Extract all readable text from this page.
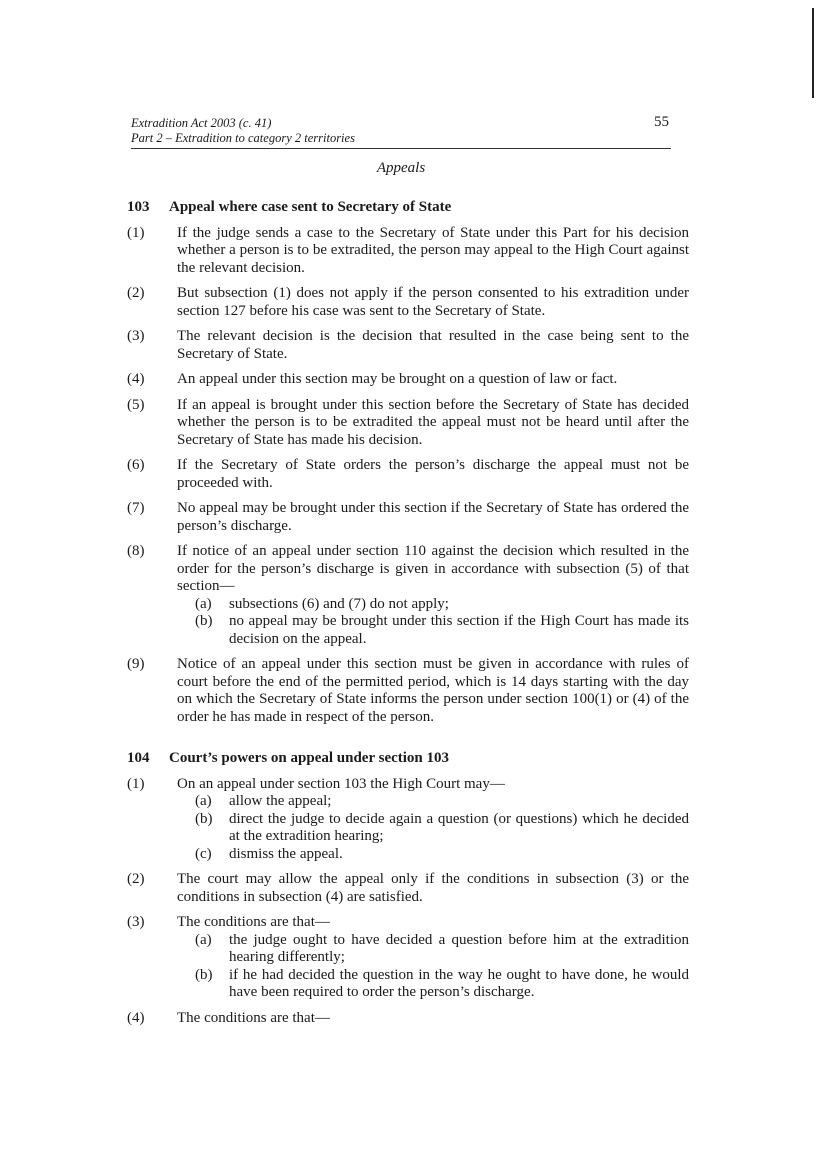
Extradition Act 2003 (c. 41)
Part 2 – Extradition to category 2 territories
55
Appeals
103	Appeal where case sent to Secretary of State
(1)	If the judge sends a case to the Secretary of State under this Part for his decision whether a person is to be extradited, the person may appeal to the High Court against the relevant decision.
(2)	But subsection (1) does not apply if the person consented to his extradition under section 127 before his case was sent to the Secretary of State.
(3)	The relevant decision is the decision that resulted in the case being sent to the Secretary of State.
(4)	An appeal under this section may be brought on a question of law or fact.
(5)	If an appeal is brought under this section before the Secretary of State has decided whether the person is to be extradited the appeal must not be heard until after the Secretary of State has made his decision.
(6)	If the Secretary of State orders the person’s discharge the appeal must not be proceeded with.
(7)	No appeal may be brought under this section if the Secretary of State has ordered the person’s discharge.
(8)	If notice of an appeal under section 110 against the decision which resulted in the order for the person’s discharge is given in accordance with subsection (5) of that section—
(a)	subsections (6) and (7) do not apply;
(b)	no appeal may be brought under this section if the High Court has made its decision on the appeal.
(9)	Notice of an appeal under this section must be given in accordance with rules of court before the end of the permitted period, which is 14 days starting with the day on which the Secretary of State informs the person under section 100(1) or (4) of the order he has made in respect of the person.
104	Court’s powers on appeal under section 103
(1)	On an appeal under section 103 the High Court may—
(a)	allow the appeal;
(b)	direct the judge to decide again a question (or questions) which he decided at the extradition hearing;
(c)	dismiss the appeal.
(2)	The court may allow the appeal only if the conditions in subsection (3) or the conditions in subsection (4) are satisfied.
(3)	The conditions are that—
(a)	the judge ought to have decided a question before him at the extradition hearing differently;
(b)	if he had decided the question in the way he ought to have done, he would have been required to order the person’s discharge.
(4)	The conditions are that—
